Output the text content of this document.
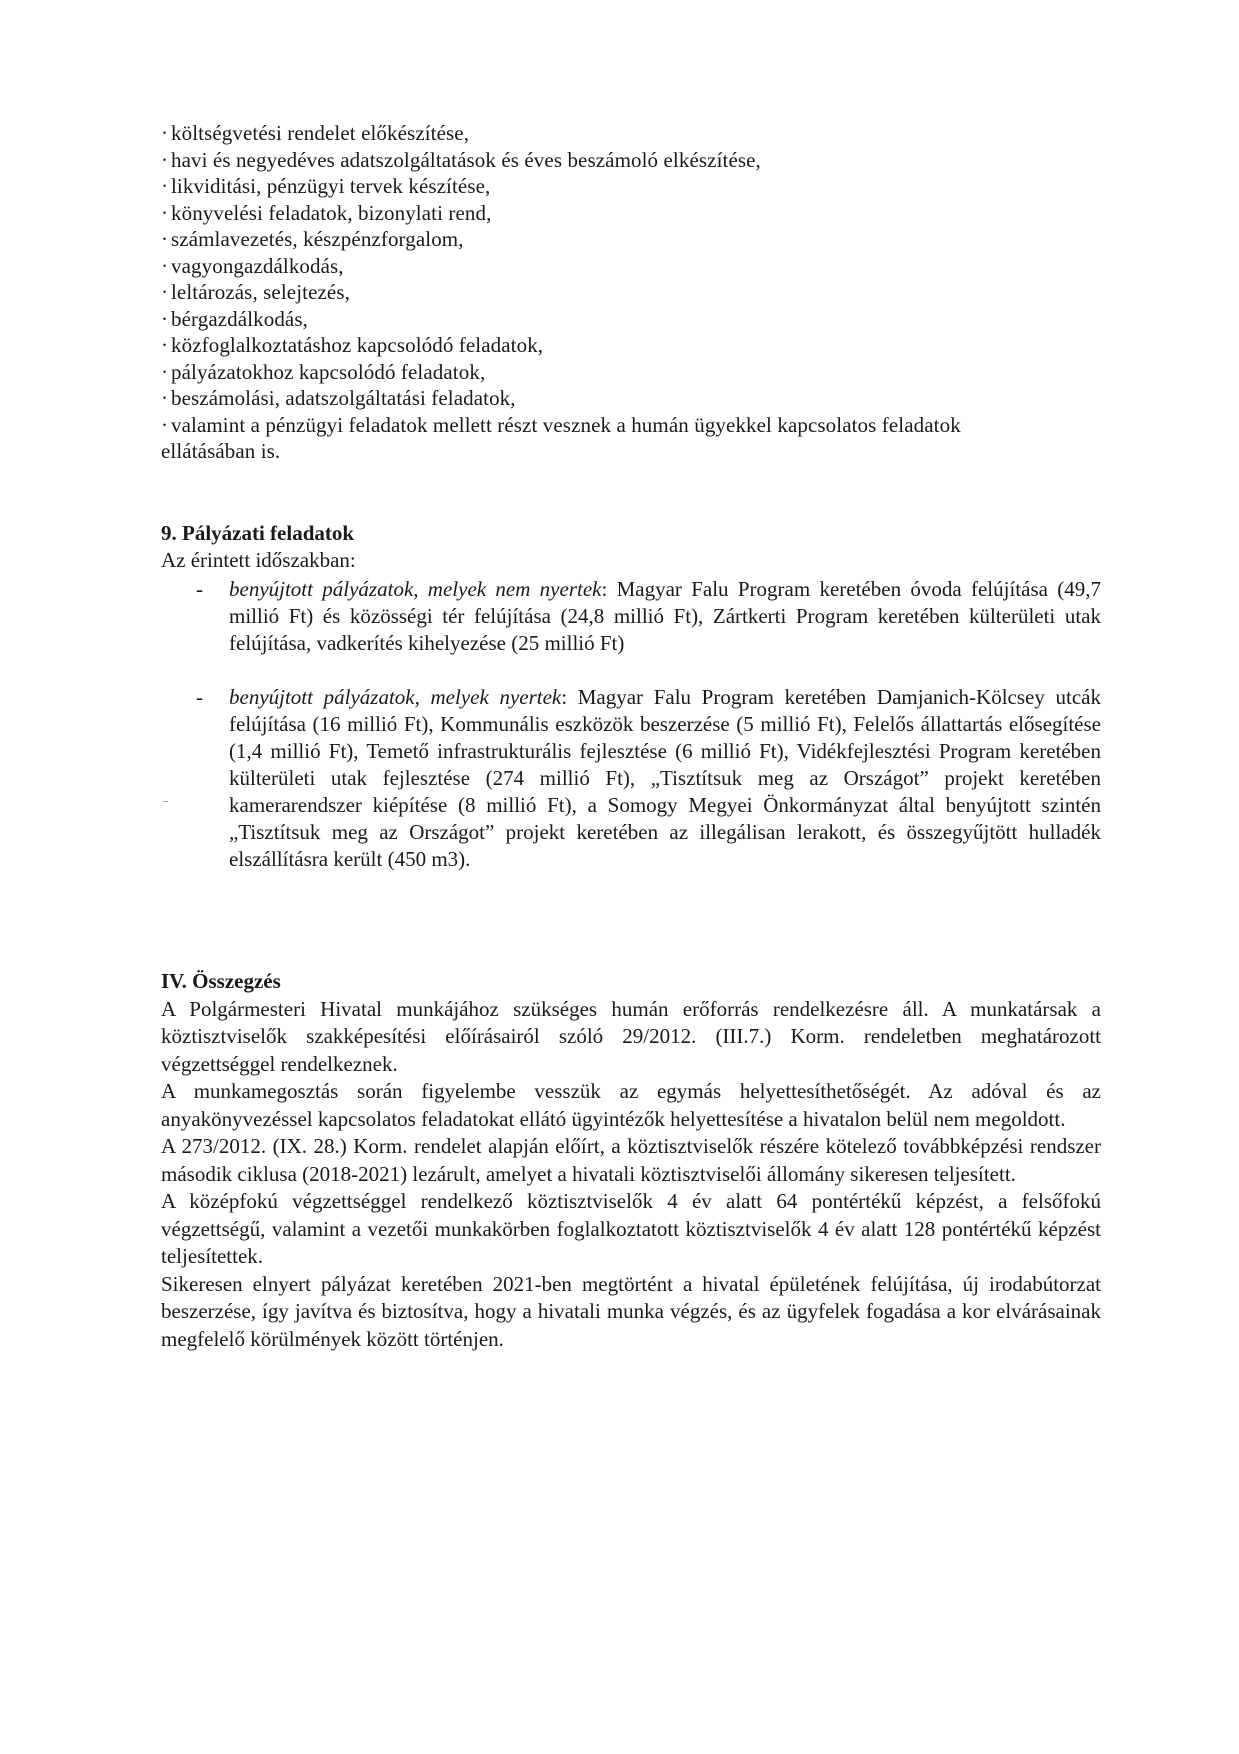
· költségvetési rendelet előkészítése,
· havi és negyedéves adatszolgáltatások és éves beszámoló elkészítése,
· likviditási, pénzügyi tervek készítése,
· könyvelési feladatok, bizonylati rend,
· számlavezetés, készpénzforgalom,
· vagyongazdálkodás,
· leltározás, selejtezés,
· bérgazdálkodás,
· közfoglalkoztatáshoz kapcsolódó feladatok,
· pályázatokhoz kapcsolódó feladatok,
· beszámolási, adatszolgáltatási feladatok,
· valamint a pénzügyi feladatok mellett részt vesznek a humán ügyekkel kapcsolatos feladatok
ellátásában is.
9. Pályázati feladatok

Az érintett időszakban:

- benyújtott pályázatok, melyek nem nyertek: Magyar Falu Program keretében óvoda felújítása (49,7 millió Ft) és közösségi tér felújítása (24,8 millió Ft), Zártkerti Program keretében külterületi utak felújítása, vadkerítés kihelyezése (25 millió Ft)
- benyújtott pályázatok, melyek nyertek: Magyar Falu Program keretében Damjanich-Kölcsey utcák felújítása (16 millió Ft), Kommunális eszközök beszerzése (5 millió Ft), Felelős állattartás elősegítése (1,4 millió Ft), Temető infrastrukturális fejlesztése (6 millió Ft), Vidékfejlesztési Program keretében külterületi utak fejlesztése (274 millió Ft), „Tisztítsuk meg az Országot” projekt keretében kamerarendszer kiépítése (8 millió Ft), a Somogy Megyei Önkormányzat által benyújtott szintén „Tisztítsuk meg az Országot” projekt keretében az illegálisan lerakott, és összegyűjtött hulladék elszállításra került (450 m3).
IV. Összegzés

A Polgármesteri Hivatal munkájához szükséges humán erőforrás rendelkezésre áll. A munkatársak a köztisztviselők szakképesítési előírásairól szóló 29/2012. (III.7.) Korm. rendeletben meghatározott végzettséggel rendelkeznek.

A munkamegosztás során figyelembe vesszük az egymás helyettesíthetőségét. Az adóval és az anyakönyvezéssel kapcsolatos feladatokat ellátó ügyintézők helyettesítése a hivatalon belül nem megoldott.

A 273/2012. (IX. 28.) Korm. rendelet alapján előírt, a köztisztviselők részére kötelező továbbképzési rendszer második ciklusa (2018-2021) lezárult, amelyet a hivatali köztisztviselői állomány sikeresen teljesített.

A középfokú végzettséggel rendelkező köztisztviselők 4 év alatt 64 pontértékű képzést, a felsőfokú végzettségű, valamint a vezetői munkakörben foglalkoztatott köztisztviselők 4 év alatt 128 pontértékű képzést teljesítettek.

Sikeresen elnyert pályázat keretében 2021-ben megtörtént a hivatal épületének felújítása, új irodabútorzat beszerzése, így javítva és biztosítva, hogy a hivatali munka végzés, és az ügyfelek fogadása a kor elvárásainak megfelelő körülmények között történjen.
